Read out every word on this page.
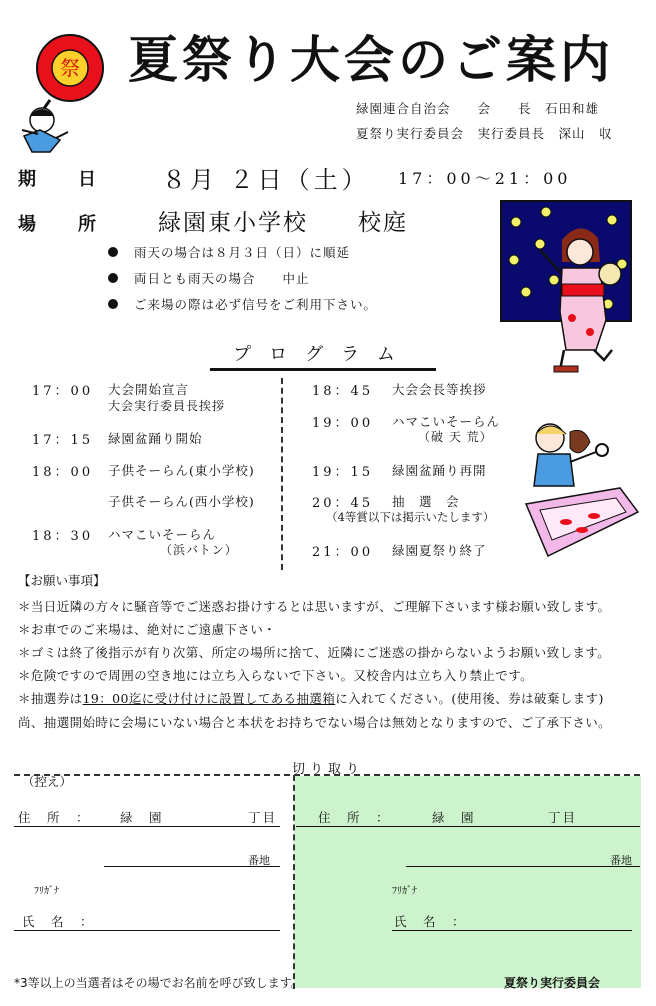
夏祭り大会のご案内
緑園連合自治会　　会　　長　石田和雄
夏祭り実行委員会　実行委員長　深山　収
祭
期　日 ８月 ２日（土） 17：00～21：00
場　所 緑園東小学校　　校庭
雨天の場合は８月３日（日）に順延
両日とも雨天の場合　　中止
ご来場の際は必ず信号をご利用下さい。
プログラム
17：00 大会開始宣言
大会実行委員長挨拶
17：15 緑園盆踊り開始
18：00 子供そーらん(東小学校)
子供そーらん(西小学校)
18：30 ハマこいそーらん
（浜バトン）
18：45 大会会長等挨拶
19：00 ハマこいそーらん
（破 天 荒）
19：15 緑園盆踊り再開
20：45 抽　選　会
（4等賞以下は掲示いたします）
21：00 緑園夏祭り終了
【お願い事項】
＊当日近隣の方々に騒音等でご迷惑お掛けするとは思いますが、ご理解下さいます様お願い致します。
＊お車でのご来場は、絶対にご遠慮下さい・
＊ゴミは終了後指示が有り次第、所定の場所に捨て、近隣にご迷惑の掛からないようお願い致します。
＊危険ですので周囲の空き地には立ち入らないで下さい。又校舎内は立ち入り禁止です。
＊抽選券は19：00迄に受け付けに設置してある抽選箱に入れてください。(使用後、券は破棄します)
尚、抽選開始時に会場にいない場合と本状をお持ちでない場合は無効となりますので、ご了承下さい。
切り取り
（控え）
住　所　： 緑　園	丁目
番地
ﾌﾘｶﾞﾅ
氏　名　：
住　所　：	緑　園	丁目
番地
ﾌﾘｶﾞﾅ
氏　名　：
*3等以上の当選者はその場でお名前を呼び致します。	夏祭り実行委員会
